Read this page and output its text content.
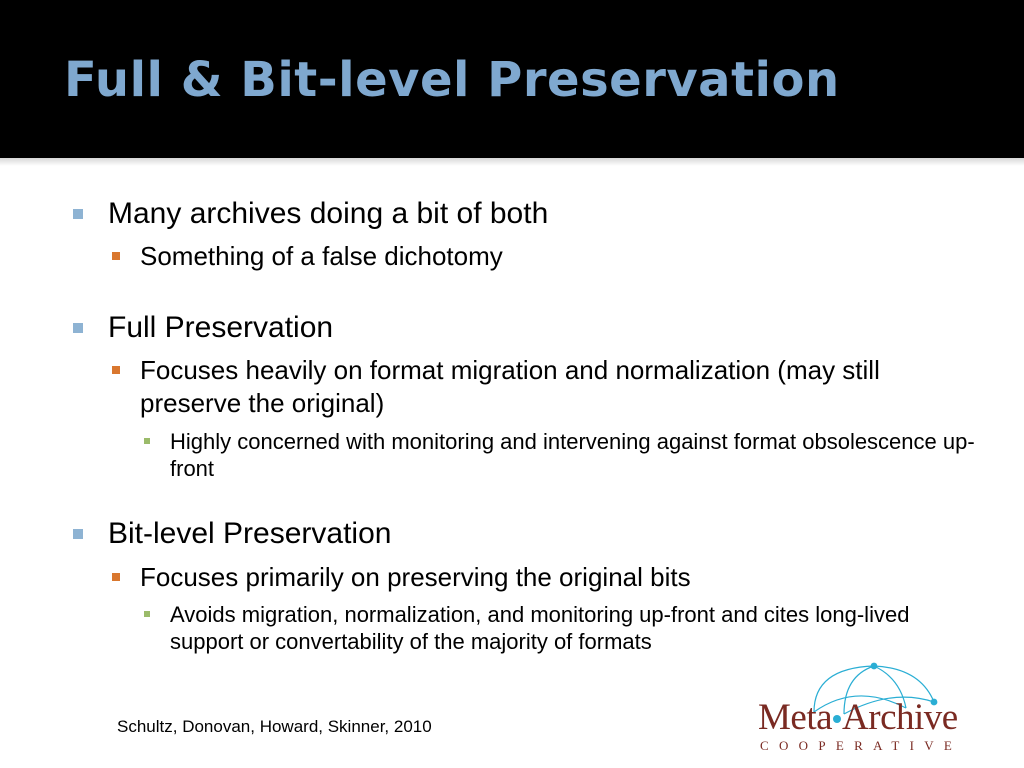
Full & Bit-level Preservation
Many archives doing a bit of both
Something of a false dichotomy
Full Preservation
Focuses heavily on format migration and normalization (may still preserve the original)
Highly concerned with monitoring and intervening against format obsolescence up-front
Bit-level Preservation
Focuses primarily on preserving the original bits
Avoids migration, normalization, and monitoring up-front and cites long-lived support or convertability of the majority of formats
Schultz, Donovan, Howard, Skinner, 2010	Meta Archive
COOPERATIVE
